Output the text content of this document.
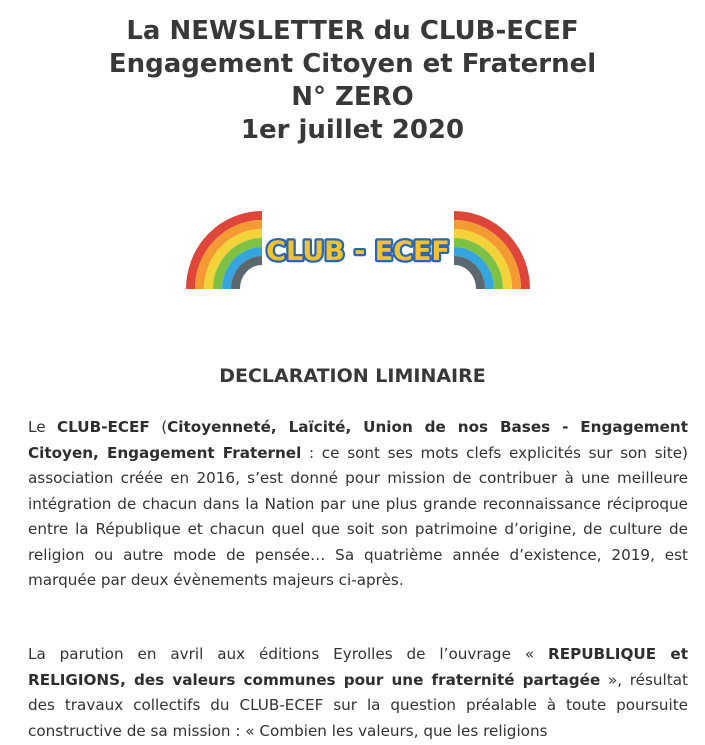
La NEWSLETTER du CLUB-ECEF
Engagement Citoyen et Fraternel
N° ZERO
1er juillet 2020
CLUB - ECEF
DECLARATION LIMINAIRE
Le CLUB-ECEF (Citoyenneté, Laïcité, Union de nos Bases - Engagement Citoyen, Engagement Fraternel : ce sont ses mots clefs explicités sur son site) association créée en 2016, s’est donné pour mission de contribuer à une meilleure intégration de chacun dans la Nation par une plus grande reconnaissance réciproque entre la République et chacun quel que soit son patrimoine d’origine, de culture de religion ou autre mode de pensée… Sa quatrième année d’existence, 2019, est marquée par deux évènements majeurs ci-après.
La parution en avril aux éditions Eyrolles de l’ouvrage « REPUBLIQUE et RELIGIONS, des valeurs communes pour une fraternité partagée », résultat des travaux collectifs du CLUB-ECEF sur la question préalable à toute poursuite constructive de sa mission : « Combien les valeurs, que les religions
